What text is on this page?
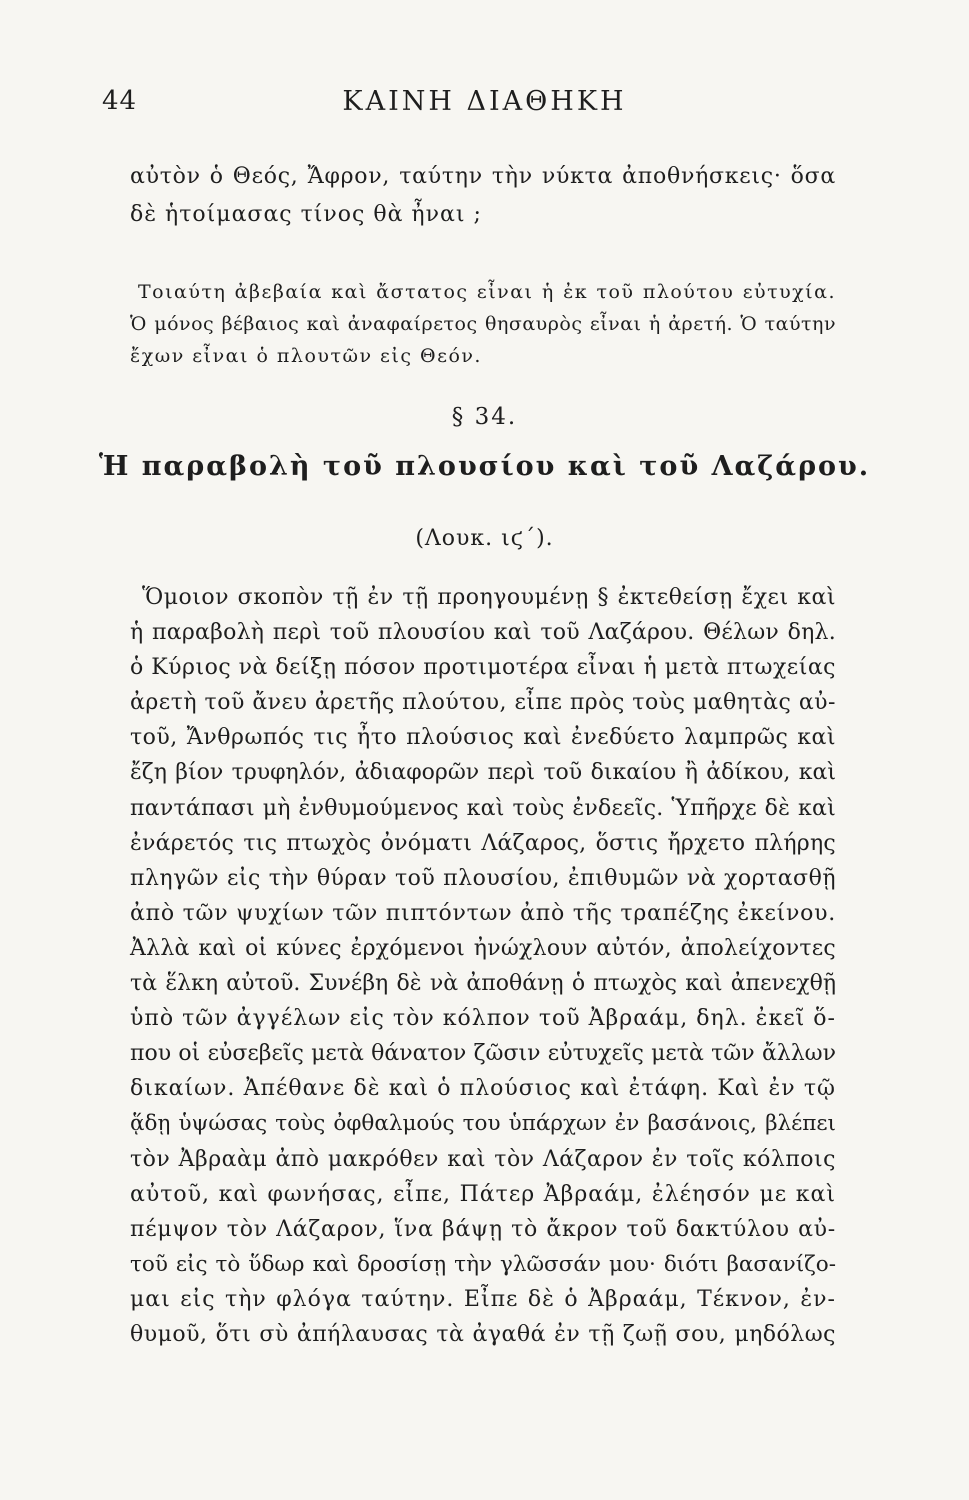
44	ΚΑΙΝΗ ΔΙΑΘΗΚΗ
αὐτὸν ὁ Θεός, Ἄφρον, ταύτην τὴν νύκτα ἀποθνήσκεις· ὅσα
δὲ ἡτοίμασας τίνος θὰ ἦναι ;
Τοιαύτη ἀβεβαία καὶ ἄστατος εἶναι ἡ ἐκ τοῦ πλούτου εὐτυχία.
Ὁ μόνος βέβαιος καὶ ἀναφαίρετος θησαυρὸς εἶναι ἡ ἀρετή. Ὁ ταύτην
ἔχων εἶναι ὁ πλουτῶν εἰς Θεόν.
§ 34.
Ἡ παραβολὴ τοῦ πλουσίου καὶ τοῦ Λαζάρου.
(Λουκ. ιϛ΄).
Ὅμοιον σκοπὸν τῇ ἐν τῇ προηγουμένῃ § ἐκτεθείσῃ ἔχει καὶ
ἡ παραβολὴ περὶ τοῦ πλουσίου καὶ τοῦ Λαζάρου. Θέλων δηλ.
ὁ Κύριος νὰ δείξῃ πόσον προτιμοτέρα εἶναι ἡ μετὰ πτωχείας
ἀρετὴ τοῦ ἄνευ ἀρετῆς πλούτου, εἶπε πρὸς τοὺς μαθητὰς αὐ-
τοῦ, Ἄνθρωπός τις ἦτο πλούσιος καὶ ἐνεδύετο λαμπρῶς καὶ
ἔζη βίον τρυφηλόν, ἀδιαφορῶν περὶ τοῦ δικαίου ἢ ἀδίκου, καὶ
παντάπασι μὴ ἐνθυμούμενος καὶ τοὺς ἐνδεεῖς. Ὑπῆρχε δὲ καὶ
ἐνάρετός τις πτωχὸς ὀνόματι Λάζαρος, ὅστις ἤρχετο πλήρης
πληγῶν εἰς τὴν θύραν τοῦ πλουσίου, ἐπιθυμῶν νὰ χορτασθῇ
ἀπὸ τῶν ψυχίων τῶν πιπτόντων ἀπὸ τῆς τραπέζης ἐκείνου.
Ἀλλὰ καὶ οἱ κύνες ἐρχόμενοι ἠνώχλουν αὐτόν, ἀπολείχοντες
τὰ ἕλκη αὐτοῦ. Συνέβη δὲ νὰ ἀποθάνῃ ὁ πτωχὸς καὶ ἀπενεχθῇ
ὑπὸ τῶν ἀγγέλων εἰς τὸν κόλπον τοῦ Ἀβραάμ, δηλ. ἐκεῖ ὅ-
που οἱ εὐσεβεῖς μετὰ θάνατον ζῶσιν εὐτυχεῖς μετὰ τῶν ἄλλων
δικαίων. Ἀπέθανε δὲ καὶ ὁ πλούσιος καὶ ἐτάφη. Καὶ ἐν τῷ
ᾅδῃ ὑψώσας τοὺς ὀφθαλμούς του ὑπάρχων ἐν βασάνοις, βλέπει
τὸν Ἀβραὰμ ἀπὸ μακρόθεν καὶ τὸν Λάζαρον ἐν τοῖς κόλποις
αὐτοῦ, καὶ φωνήσας, εἶπε, Πάτερ Ἀβραάμ, ἐλέησόν με καὶ
πέμψον τὸν Λάζαρον, ἵνα βάψῃ τὸ ἄκρον τοῦ δακτύλου αὐ-
τοῦ εἰς τὸ ὕδωρ καὶ δροσίσῃ τὴν γλῶσσάν μου· διότι βασανίζο-
μαι εἰς τὴν φλόγα ταύτην. Εἶπε δὲ ὁ Ἀβραάμ, Τέκνον, ἐν-
θυμοῦ, ὅτι σὺ ἀπήλαυσας τὰ ἀγαθά ἐν τῇ ζωῇ σου, μηδόλως
